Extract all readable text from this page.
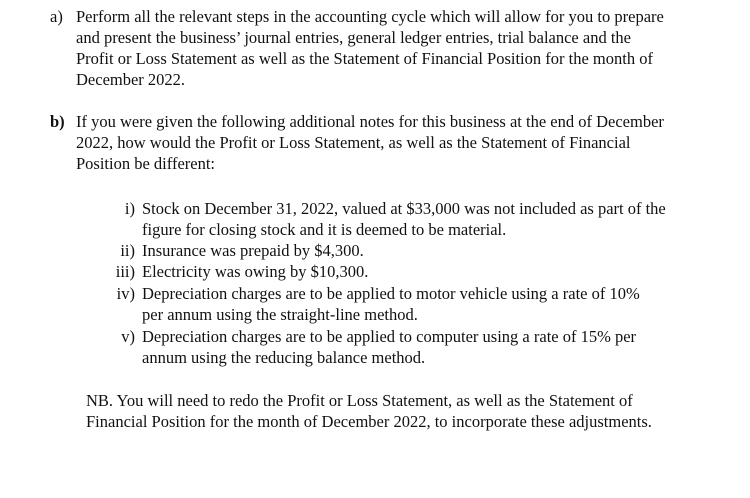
a) Perform all the relevant steps in the accounting cycle which will allow for you to prepare
and present the business’ journal entries, general ledger entries, trial balance and the
Profit or Loss Statement as well as the Statement of Financial Position for the month of
December 2022.
b) If you were given the following additional notes for this business at the end of December
2022, how would the Profit or Loss Statement, as well as the Statement of Financial
Position be different:
i) Stock on December 31, 2022, valued at $33,000 was not included as part of the
figure for closing stock and it is deemed to be material.
ii) Insurance was prepaid by $4,300.
iii) Electricity was owing by $10,300.
iv) Depreciation charges are to be applied to motor vehicle using a rate of 10%
per annum using the straight-line method.
v) Depreciation charges are to be applied to computer using a rate of 15% per
annum using the reducing balance method.
NB. You will need to redo the Profit or Loss Statement, as well as the Statement of
Financial Position for the month of December 2022, to incorporate these adjustments.
